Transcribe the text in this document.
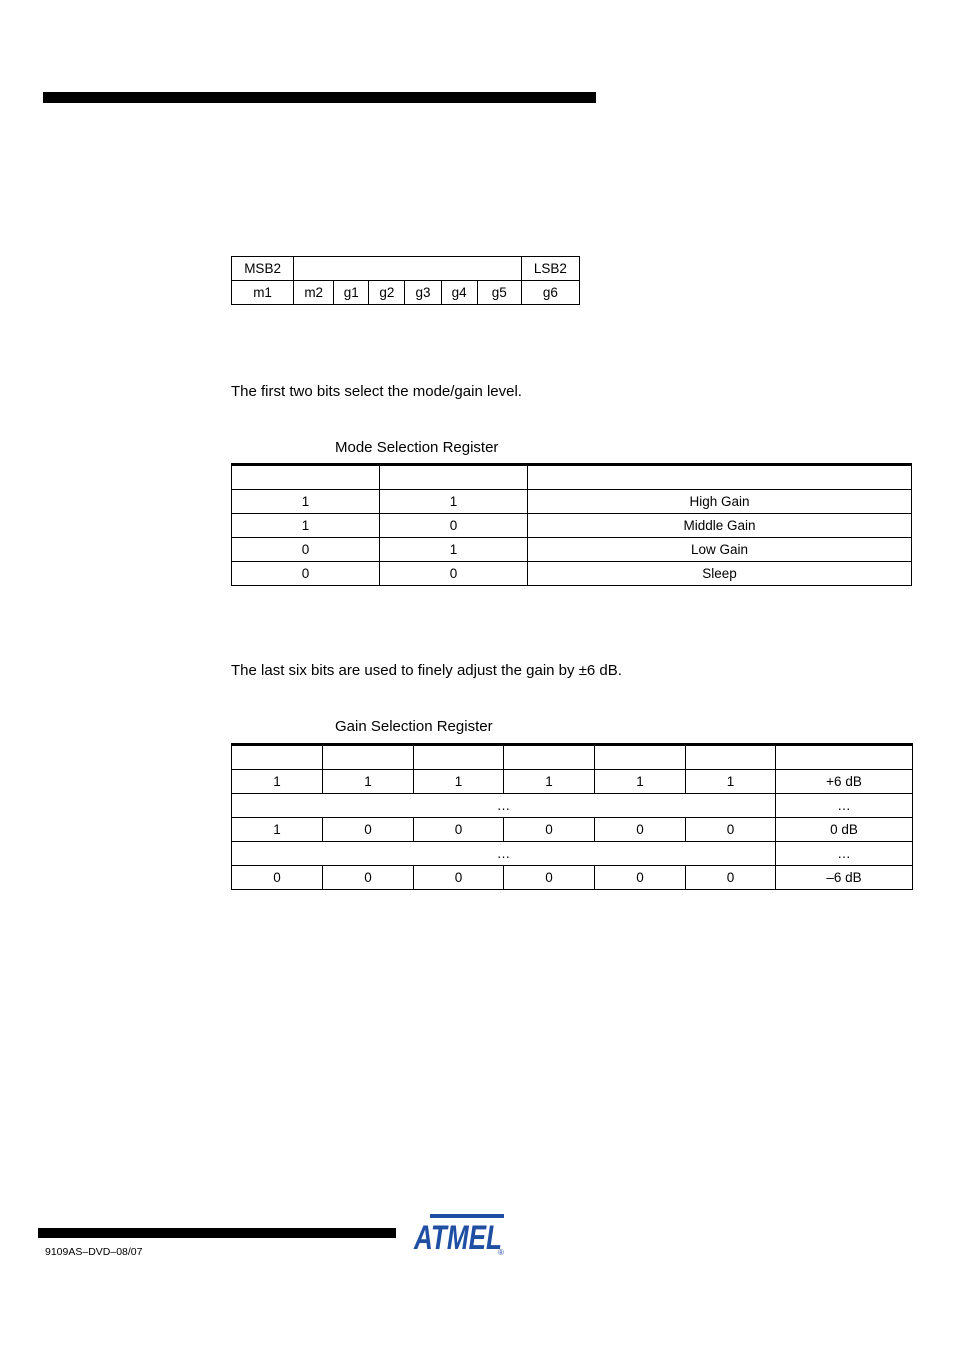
MSB2							LSB2
m1	m2	g1	g2	g3	g4	g5	g6

The first two bits select the mode/gain level.

Mode Selection Register

1	1	High Gain
1	0	Middle Gain
0	1	Low Gain
0	0	Sleep

The last six bits are used to finely adjust the gain by ±6 dB.

Gain Selection Register

1	1	1	1	1	1	+6 dB
…						…
1	0	0	0	0	0	0 dB
…						…
0	0	0	0	0	0	–6 dB
9109AS–DVD–08/07	ATMEL
®
